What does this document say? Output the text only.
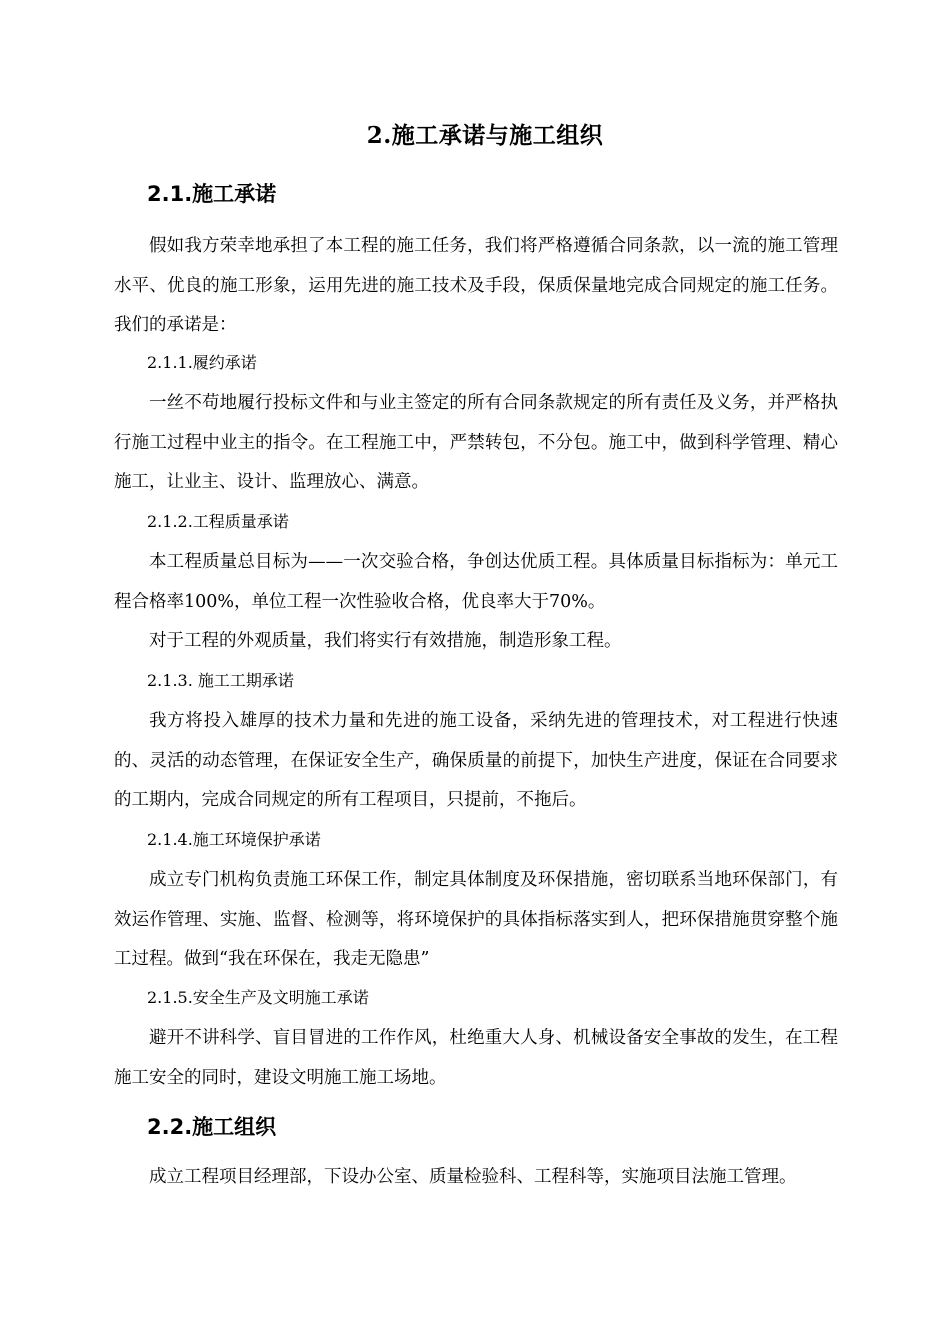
2.施工承诺与施工组织
2.1.施工承诺
假如我方荣幸地承担了本工程的施工任务，我们将严格遵循合同条款，以一流的施工管理水平、优良的施工形象，运用先进的施工技术及手段，保质保量地完成合同规定的施工任务。我们的承诺是：
2.1.1.履约承诺
一丝不苟地履行投标文件和与业主签定的所有合同条款规定的所有责任及义务，并严格执行施工过程中业主的指令。在工程施工中，严禁转包，不分包。施工中，做到科学管理、精心施工，让业主、设计、监理放心、满意。
2.1.2.工程质量承诺
本工程质量总目标为——一次交验合格，争创达优质工程。具体质量目标指标为：单元工程合格率100%，单位工程一次性验收合格，优良率大于70%。
对于工程的外观质量，我们将实行有效措施，制造形象工程。
2.1.3. 施工工期承诺
我方将投入雄厚的技术力量和先进的施工设备，采纳先进的管理技术，对工程进行快速的、灵活的动态管理，在保证安全生产，确保质量的前提下，加快生产进度，保证在合同要求的工期内，完成合同规定的所有工程项目，只提前，不拖后。
2.1.4.施工环境保护承诺
成立专门机构负责施工环保工作，制定具体制度及环保措施，密切联系当地环保部门，有效运作管理、实施、监督、检测等，将环境保护的具体指标落实到人，把环保措施贯穿整个施工过程。做到“我在环保在，我走无隐患”
2.1.5.安全生产及文明施工承诺
避开不讲科学、盲目冒进的工作作风，杜绝重大人身、机械设备安全事故的发生，在工程施工安全的同时，建设文明施工施工场地。
2.2.施工组织
成立工程项目经理部，下设办公室、质量检验科、工程科等，实施项目法施工管理。
